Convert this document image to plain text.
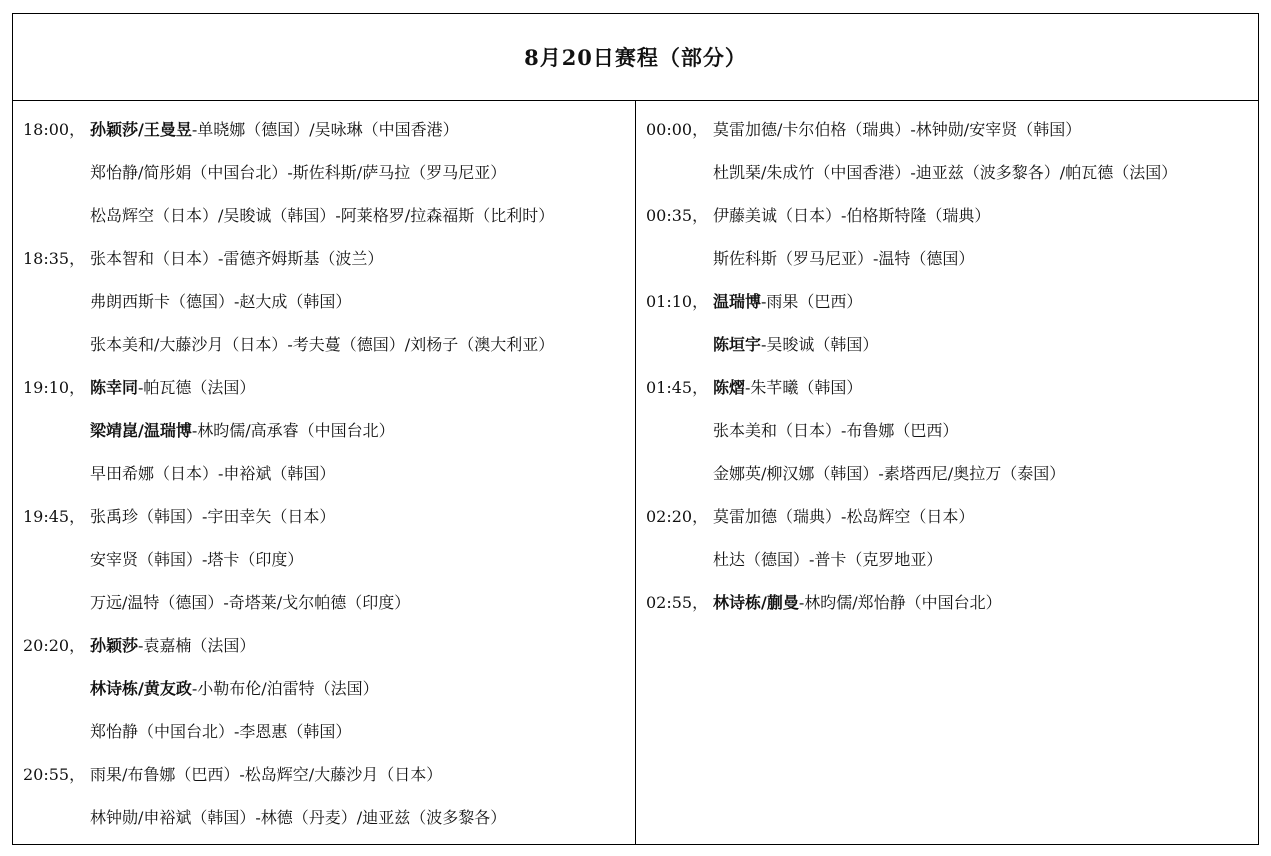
8月20日赛程（部分）
18:00， 孙颖莎/王曼昱-单晓娜（德国）/吴咏琳（中国香港）
郑怡静/简彤娟（中国台北）-斯佐科斯/萨马拉（罗马尼亚）
松岛辉空（日本）/吴晙诚（韩国）-阿莱格罗/拉森福斯（比利时）
18:35， 张本智和（日本）-雷德齐姆斯基（波兰）
弗朗西斯卡（德国）-赵大成（韩国）
张本美和/大藤沙月（日本）-考夫蔓（德国）/刘杨子（澳大利亚）
19:10， 陈幸同-帕瓦德（法国）
梁靖崑/温瑞博-林昀儒/高承睿（中国台北）
早田希娜（日本）-申裕斌（韩国）
19:45， 张禹珍（韩国）-宇田幸矢（日本）
安宰贤（韩国）-塔卡（印度）
万远/温特（德国）-奇塔莱/戈尔帕德（印度）
20:20， 孙颖莎-袁嘉楠（法国）
林诗栋/黄友政-小勒布伦/泊雷特（法国）
郑怡静（中国台北）-李恩惠（韩国）
20:55， 雨果/布鲁娜（巴西）-松岛辉空/大藤沙月（日本）
林钟勋/申裕斌（韩国）-林德（丹麦）/迪亚兹（波多黎各）
00:00， 莫雷加德/卡尔伯格（瑞典）-林钟勋/安宰贤（韩国）
杜凯琹/朱成竹（中国香港）-迪亚兹（波多黎各）/帕瓦德（法国）
00:35， 伊藤美诚（日本）-伯格斯特隆（瑞典）
斯佐科斯（罗马尼亚）-温特（德国）
01:10， 温瑞博-雨果（巴西）
陈垣宇-吴晙诚（韩国）
01:45， 陈熠-朱芊曦（韩国）
张本美和（日本）-布鲁娜（巴西）
金娜英/柳汉娜（韩国）-素塔西尼/奥拉万（泰国）
02:20， 莫雷加德（瑞典）-松岛辉空（日本）
杜达（德国）-普卡（克罗地亚）
02:55， 林诗栋/蒯曼-林昀儒/郑怡静（中国台北）
